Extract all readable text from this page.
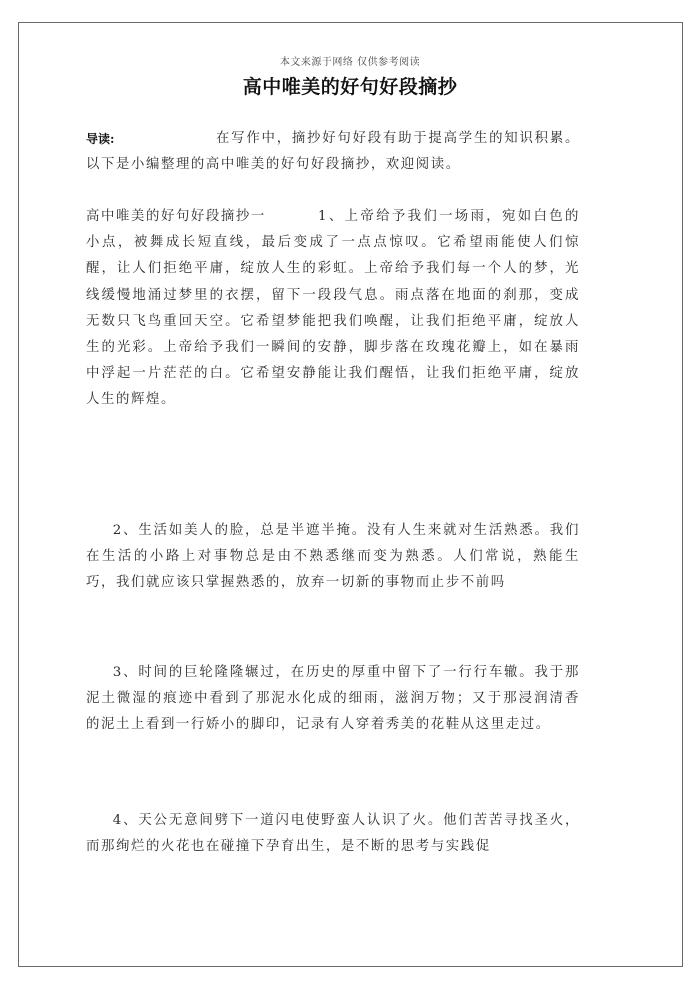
本文来源于网络 仅供参考阅读
高中唯美的好句好段摘抄
导读:	在写作中，摘抄好句好段有助于提高学生的知识积累。以下是小编整理的高中唯美的好句好段摘抄，欢迎阅读。
高中唯美的好句好段摘抄一	1、上帝给予我们一场雨，宛如白色的小点，被舞成长短直线，最后变成了一点点惊叹。它希望雨能使人们惊醒，让人们拒绝平庸，绽放人生的彩虹。上帝给予我们每一个人的梦，光线缓慢地涌过梦里的衣摆，留下一段段气息。雨点落在地面的刹那，变成无数只飞鸟重回天空。它希望梦能把我们唤醒，让我们拒绝平庸，绽放人生的光彩。上帝给予我们一瞬间的安静，脚步落在玫瑰花瓣上，如在暴雨中浮起一片茫茫的白。它希望安静能让我们醒悟，让我们拒绝平庸，绽放人生的辉煌。
2、生活如美人的脸，总是半遮半掩。没有人生来就对生活熟悉。我们在生活的小路上对事物总是由不熟悉继而变为熟悉。人们常说，熟能生巧，我们就应该只掌握熟悉的，放弃一切新的事物而止步不前吗
3、时间的巨轮隆隆辗过，在历史的厚重中留下了一行行车辙。我于那泥土微湿的痕迹中看到了那泥水化成的细雨，滋润万物；又于那浸润清香的泥土上看到一行娇小的脚印，记录有人穿着秀美的花鞋从这里走过。
4、天公无意间劈下一道闪电使野蛮人认识了火。他们苦苦寻找圣火，而那绚烂的火花也在碰撞下孕育出生，是不断的思考与实践促
